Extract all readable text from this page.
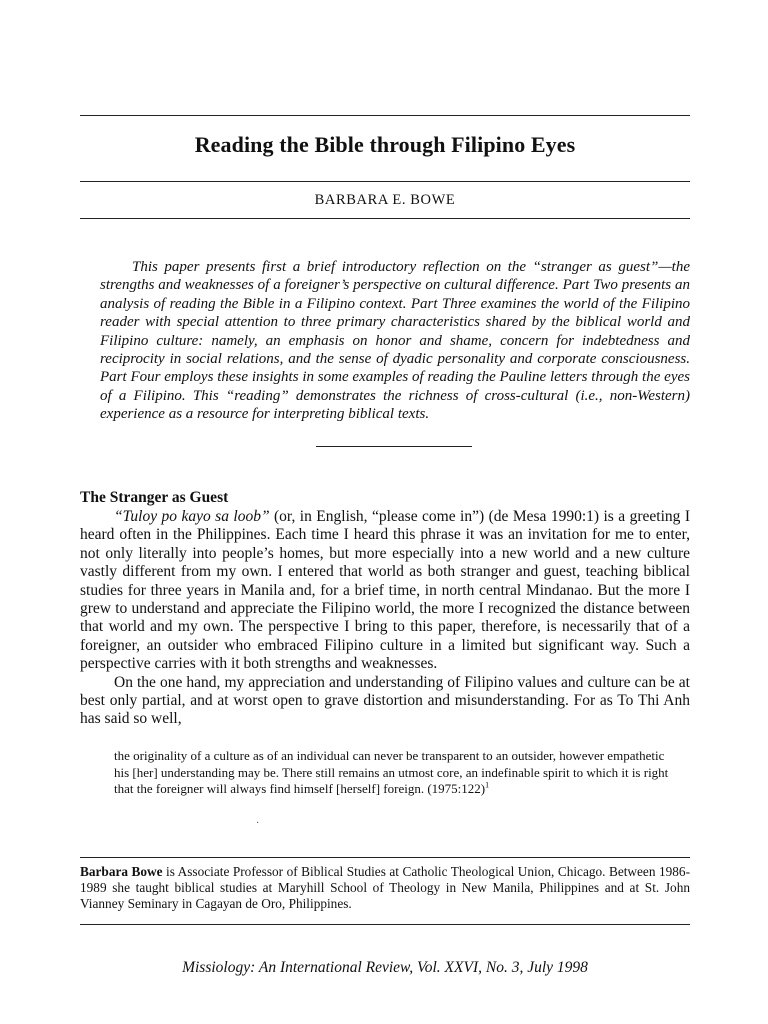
Reading the Bible through Filipino Eyes
BARBARA E. BOWE
This paper presents first a brief introductory reflection on the “stranger as guest”—the strengths and weaknesses of a foreigner’s perspective on cultural difference. Part Two presents an analysis of reading the Bible in a Filipino context. Part Three examines the world of the Filipino reader with special attention to three primary characteristics shared by the biblical world and Filipino culture: namely, an emphasis on honor and shame, concern for indebtedness and reciprocity in social relations, and the sense of dyadic personality and corporate consciousness. Part Four employs these insights in some examples of reading the Pauline letters through the eyes of a Filipino. This “reading” demonstrates the richness of cross-cultural (i.e., non-Western) experience as a resource for interpreting biblical texts.
The Stranger as Guest

“Tuloy po kayo sa loob” (or, in English, “please come in”) (de Mesa 1990:1) is a greeting I heard often in the Philippines. Each time I heard this phrase it was an invitation for me to enter, not only literally into people’s homes, but more especially into a new world and a new culture vastly different from my own. I entered that world as both stranger and guest, teaching biblical studies for three years in Manila and, for a brief time, in north central Mindanao. But the more I grew to understand and appreciate the Filipino world, the more I recognized the distance between that world and my own. The perspective I bring to this paper, therefore, is necessarily that of a foreigner, an outsider who embraced Filipino culture in a limited but significant way. Such a perspective carries with it both strengths and weaknesses.

On the one hand, my appreciation and understanding of Filipino values and culture can be at best only partial, and at worst open to grave distortion and misunderstanding. For as To Thi Anh has said so well,

the originality of a culture as of an individual can never be transparent to an outsider, however empathetic his [her] understanding may be. There still remains an utmost core, an indefinable spirit to which it is right that the foreigner will always find himself [herself] foreign. (1975:122)$^1$
·
Barbara Bowe is Associate Professor of Biblical Studies at Catholic Theological Union, Chicago. Between 1986-1989 she taught biblical studies at Maryhill School of Theology in New Manila, Philippines and at St. John Vianney Seminary in Cagayan de Oro, Philippines.
Missiology: An International Review, Vol. XXVI, No. 3, July 1998
